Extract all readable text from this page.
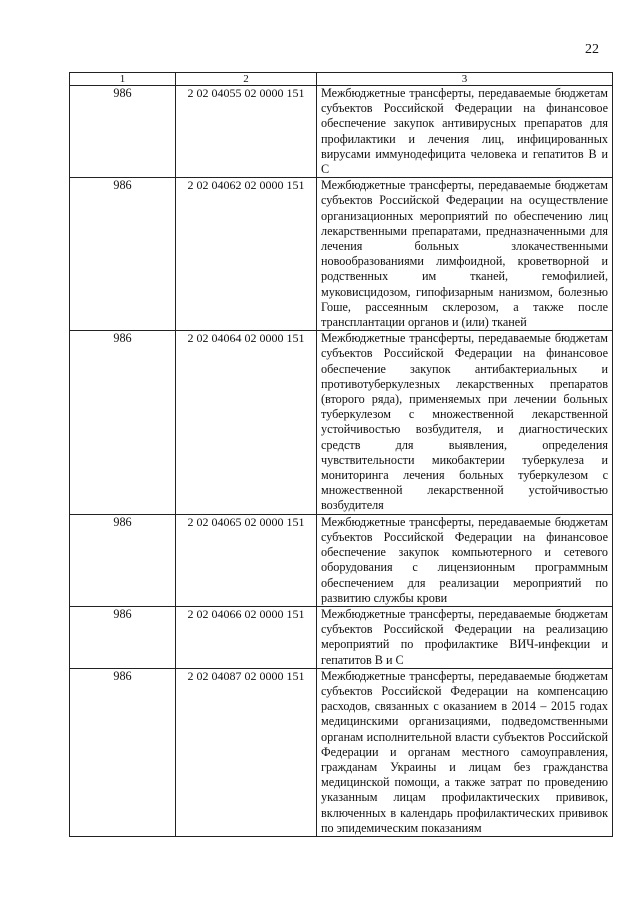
22
1	2	3
986	2 02 04055 02 0000 151	Межбюджетные трансферты, передаваемые бюджетам субъектов Российской Федерации на финансовое обеспечение закупок антивирусных препаратов для профилактики и лечения лиц, инфицированных вирусами иммунодефицита человека и гепатитов В и С
986	2 02 04062 02 0000 151	Межбюджетные трансферты, передаваемые бюджетам субъектов Российской Федерации на осуществление организационных мероприятий по обеспечению лиц лекарственными препаратами, предназначенными для лечения больных злокачественными новообразованиями лимфоидной, кроветворной и родственных им тканей, гемофилией, муковисцидозом, гипофизарным нанизмом, болезнью Гоше, рассеянным склерозом, а также после трансплантации органов и (или) тканей
986	2 02 04064 02 0000 151	Межбюджетные трансферты, передаваемые бюджетам субъектов Российской Федерации на финансовое обеспечение закупок антибактериальных и противотуберкулезных лекарственных препаратов (второго ряда), применяемых при лечении больных туберкулезом с множественной лекарственной устойчивостью возбудителя, и диагностических средств для выявления, определения чувствительности микобактерии туберкулеза и мониторинга лечения больных туберкулезом с множественной лекарственной устойчивостью возбудителя
986	2 02 04065 02 0000 151	Межбюджетные трансферты, передаваемые бюджетам субъектов Российской Федерации на финансовое обеспечение закупок компьютерного и сетевого оборудования с лицензионным программным обеспечением для реализации мероприятий по развитию службы крови
986	2 02 04066 02 0000 151	Межбюджетные трансферты, передаваемые бюджетам субъектов Российской Федерации на реализацию мероприятий по профилактике ВИЧ-инфекции и гепатитов В и С
986	2 02 04087 02 0000 151	Межбюджетные трансферты, передаваемые бюджетам субъектов Российской Федерации на компенсацию расходов, связанных с оказанием в 2014 – 2015 годах медицинскими организациями, подведомственными органам исполнительной власти субъектов Российской Федерации и органам местного самоуправления, гражданам Украины и лицам без гражданства медицинской помощи, а также затрат по проведению указанным лицам профилактических прививок, включенных в календарь профилактических прививок по эпидемическим показаниям
